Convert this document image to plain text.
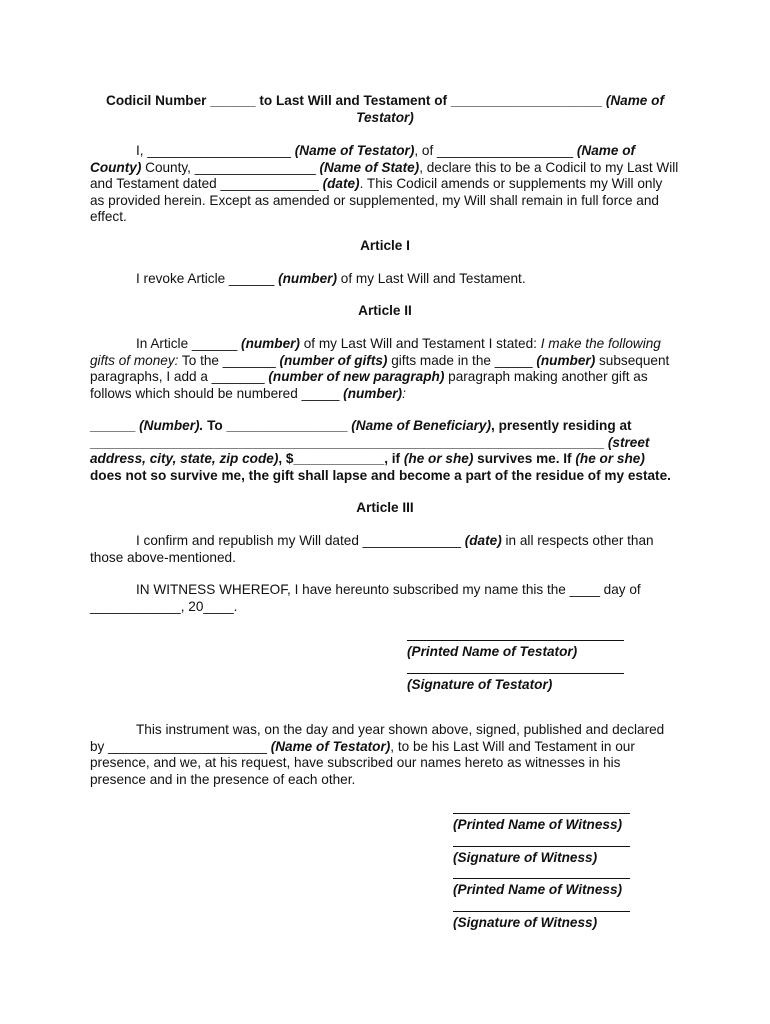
Codicil Number ______ to Last Will and Testament of ____________________ (Name of Testator)
I, ___________________ (Name of Testator), of __________________ (Name of County) County, ________________ (Name of State), declare this to be a Codicil to my Last Will and Testament dated _____________ (date). This Codicil amends or supplements my Will only as provided herein. Except as amended or supplemented, my Will shall remain in full force and effect.
Article I
I revoke Article ______ (number) of my Last Will and Testament.
Article II
In Article ______ (number) of my Last Will and Testament I stated: I make the following gifts of money: To the _______ (number of gifts) gifts made in the _____ (number) subsequent paragraphs, I add a _______ (number of new paragraph) paragraph making another gift as follows which should be numbered _____ (number):
______ (Number). To ________________ (Name of Beneficiary), presently residing at ____________________________________________________________________ (street address, city, state, zip code), $____________, if (he or she) survives me. If (he or she) does not so survive me, the gift shall lapse and become a part of the residue of my estate.
Article III
I confirm and republish my Will dated _____________ (date) in all respects other than those above-mentioned.
IN WITNESS WHEREOF, I have hereunto subscribed my name this the ____ day of ____________, 20____.
(Printed Name of Testator)
(Signature of Testator)
This instrument was, on the day and year shown above, signed, published and declared by _____________________ (Name of Testator), to be his Last Will and Testament in our presence, and we, at his request, have subscribed our names hereto as witnesses in his presence and in the presence of each other.
(Printed Name of Witness)
(Signature of Witness)
(Printed Name of Witness)
(Signature of Witness)
